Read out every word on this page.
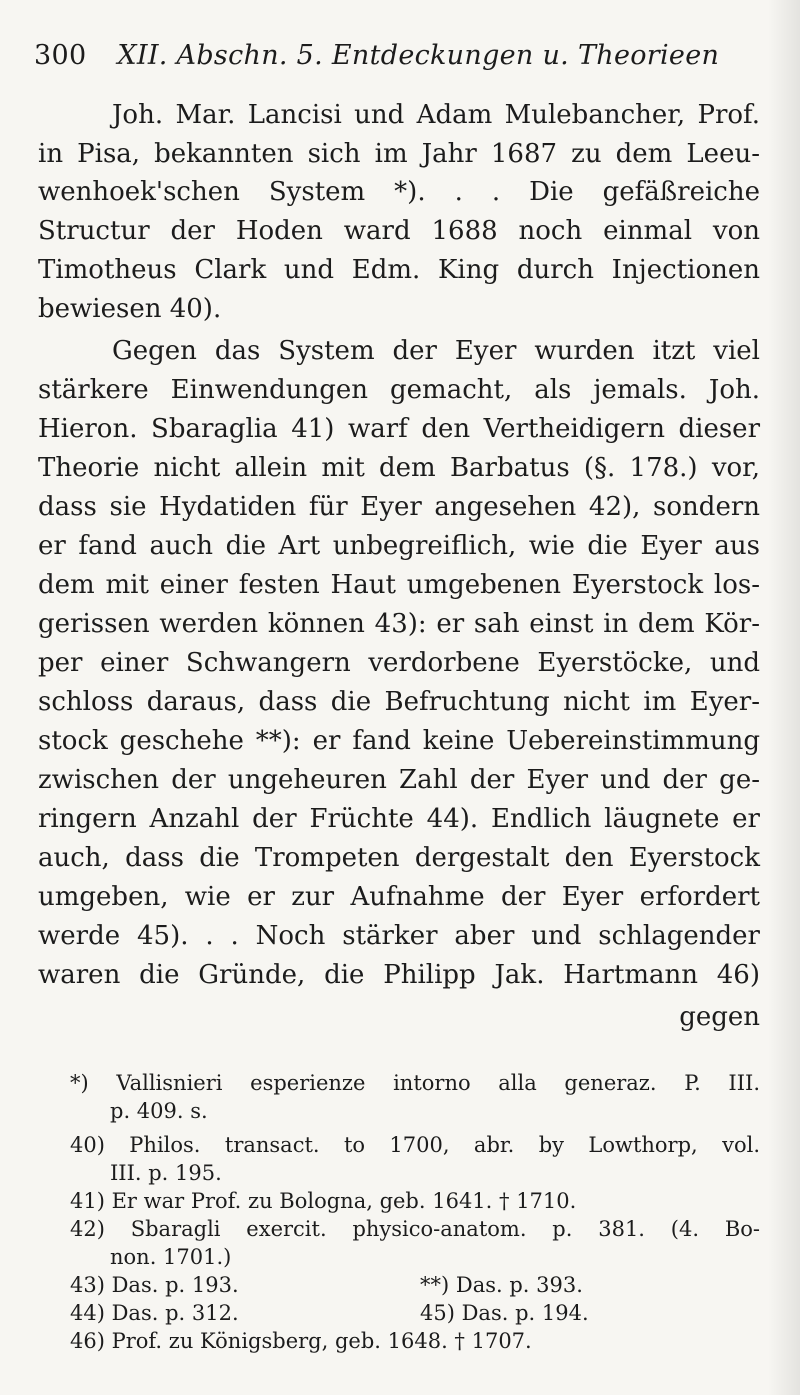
300 XII. Abschn. 5. Entdeckungen u. Theorieen
Joh. Mar. Lancisi und Adam Mulebancher, Prof.
in Pisa, bekannten sich im Jahr 1687 zu dem Leeu-
wenhoek'schen System *). . . Die gefäßreiche
Structur der Hoden ward 1688 noch einmal von
Timotheus Clark und Edm. King durch Injectionen
bewiesen 40).
Gegen das System der Eyer wurden itzt viel
stärkere Einwendungen gemacht, als jemals. Joh.
Hieron. Sbaraglia 41) warf den Vertheidigern dieser
Theorie nicht allein mit dem Barbatus (§. 178.) vor,
dass sie Hydatiden für Eyer angesehen 42), sondern
er fand auch die Art unbegreiflich, wie die Eyer aus
dem mit einer festen Haut umgebenen Eyerstock los-
gerissen werden können 43): er sah einst in dem Kör-
per einer Schwangern verdorbene Eyerstöcke, und
schloss daraus, dass die Befruchtung nicht im Eyer-
stock geschehe **): er fand keine Uebereinstimmung
zwischen der ungeheuren Zahl der Eyer und der ge-
ringern Anzahl der Früchte 44). Endlich läugnete er
auch, dass die Trompeten dergestalt den Eyerstock
umgeben, wie er zur Aufnahme der Eyer erfordert
werde 45). . . Noch stärker aber und schlagender
waren die Gründe, die Philipp Jak. Hartmann 46)
gegen
*) Vallisnieri esperienze intorno alla generaz. P. III.
p. 409. s.
40) Philos. transact. to 1700, abr. by Lowthorp, vol.
III. p. 195.
41) Er war Prof. zu Bologna, geb. 1641. † 1710.
42) Sbaragli exercit. physico-anatom. p. 381. (4. Bo-
non. 1701.)
43) Das. p. 193.	**) Das. p. 393.
44) Das. p. 312.	45) Das. p. 194.
46) Prof. zu Königsberg, geb. 1648. † 1707.
